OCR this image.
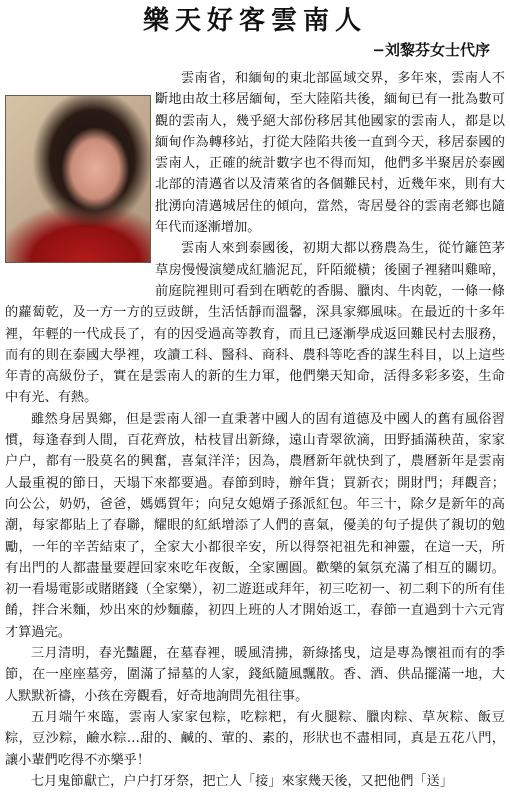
樂天好客雲南人
−刘黎芬女士代序

雲南省，和緬甸的東北部區域交界，多年來，雲南人不斷地由故土移居緬甸，至大陸陷共後，緬甸已有一批為數可觀的雲南人，幾乎絕大部份移居其他國家的雲南人，都是以緬甸作為轉移站，打從大陸陷共後一直到今天，移居泰國的雲南人，正確的統計數字也不得而知，他們多半聚居於泰國北部的清邁省以及清萊省的各個難民村，近幾年來，則有大批湧向清邁城居住的傾向，當然，寄居曼谷的雲南老鄉也隨年代而逐漸增加。
雲南人來到泰國後，初期大都以務農為生，從竹籬笆茅草房慢慢演變成紅牆泥瓦，阡陌縱橫；後園子裡豬叫雞啼，前庭院裡則可看到在晒乾的香腸、臘肉、牛肉乾，一條一條的蘿蔔乾，及一方一方的豆豉餅，生活恬靜而溫馨，深具家鄉風味。在最近的十多年裡，年輕的一代成長了，有的因受過高等教育，而且已逐漸學成返回難民村去服務，而有的則在泰國大學裡，攻讀工科、醫科、商科、農科等吃香的謀生科目，以上這些年青的高級份子，實在是雲南人的新的生力軍，他們樂天知命，活得多彩多姿，生命中有光、有熱。
雖然身居異鄉，但是雲南人卻一直秉著中國人的固有道德及中國人的舊有風俗習慣，每逢春到人間，百花齊放，枯枝冒出新綠，遠山青翠欲滴，田野插滿秧苗，家家户户，都有一股莫名的興奮，喜氣洋洋；因為，農曆新年就快到了，農曆新年是雲南人最重視的節日，天塌下來都要過。春節到時，辦年貨；買新衣；開財門；拜觀音；向公公，奶奶，爸爸，媽媽賀年；向兒女媳婿子孫派紅包。年三十，除夕是新年的高潮，每家都貼上了春聯，耀眼的紅紙增添了人們的喜氣，優美的句子提供了親切的勉勵，一年的辛苦結束了，全家大小都很辛安，所以得祭祀祖先和神靈，在這一天，所有出門的人都盡量要趕回家來吃年夜飯，全家團圓。歡樂的氣氛充滿了相互的關切。初一看場電影或賭賭錢（全家樂），初二遊逛或拜年，初三吃初一、初二剩下的所有佳餚，拌合米麵，炒出來的炒麵藤，初四上班的人才開始返工，春節一直過到十六元宵才算過完。
三月清明，春光豔麗，在墓春裡，暖風清拂，新綠搖曳，這是專為懷祖而有的季節，在一座座墓旁，圍滿了掃墓的人家，錢紙隨風飄散。香、酒、供品擺滿一地，大人默默祈禱，小孩在旁觀看，好奇地詢問先祖往事。
五月端午來臨，雲南人家家包粽，吃粽粑，有火腿粽、臘肉粽、草灰粽、飯豆粽，豆沙粽，鹼水粽…甜的、鹹的、葷的、素的，形狀也不盡相同，真是五花八門，讓小輩們吃得不亦樂乎！
七月鬼節獻亡，户户打牙祭，把亡人「接」來家幾天後，又把他們「送」
